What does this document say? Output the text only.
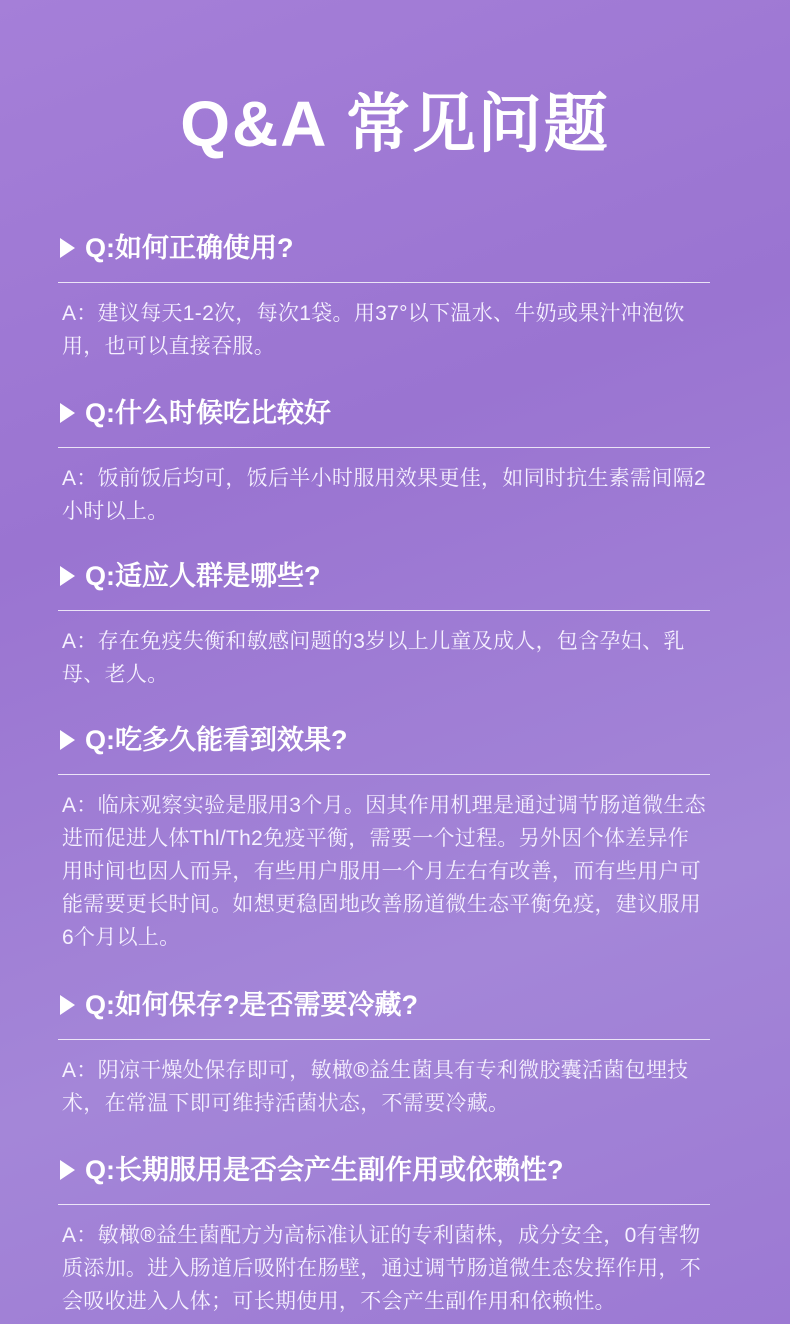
Q&A 常见问题
Q:如何正确使用?
A：建议每天1-2次，每次1袋。用37°以下温水、牛奶或果汁冲泡饮用，也可以直接吞服。
Q:什么时候吃比较好
A：饭前饭后均可，饭后半小时服用效果更佳，如同时抗生素需间隔2小时以上。
Q:适应人群是哪些?
A：存在免疫失衡和敏感问题的3岁以上儿童及成人，包含孕妇、乳母、老人。
Q:吃多久能看到效果?
A：临床观察实验是服用3个月。因其作用机理是通过调节肠道微生态进而促进人体Thl/Th2免疫平衡，需要一个过程。另外因个体差异作用时间也因人而异，有些用户服用一个月左右有改善，而有些用户可能需要更长时间。如想更稳固地改善肠道微生态平衡免疫，建议服用6个月以上。
Q:如何保存?是否需要冷藏?
A：阴凉干燥处保存即可，敏橄®益生菌具有专利微胶囊活菌包埋技术，在常温下即可维持活菌状态，不需要冷藏。
Q:长期服用是否会产生副作用或依赖性?
A：敏橄®益生菌配方为高标准认证的专利菌株，成分安全，0有害物质添加。进入肠道后吸附在肠壁，通过调节肠道微生态发挥作用，不会吸收进入人体；可长期使用，不会产生副作用和依赖性。
